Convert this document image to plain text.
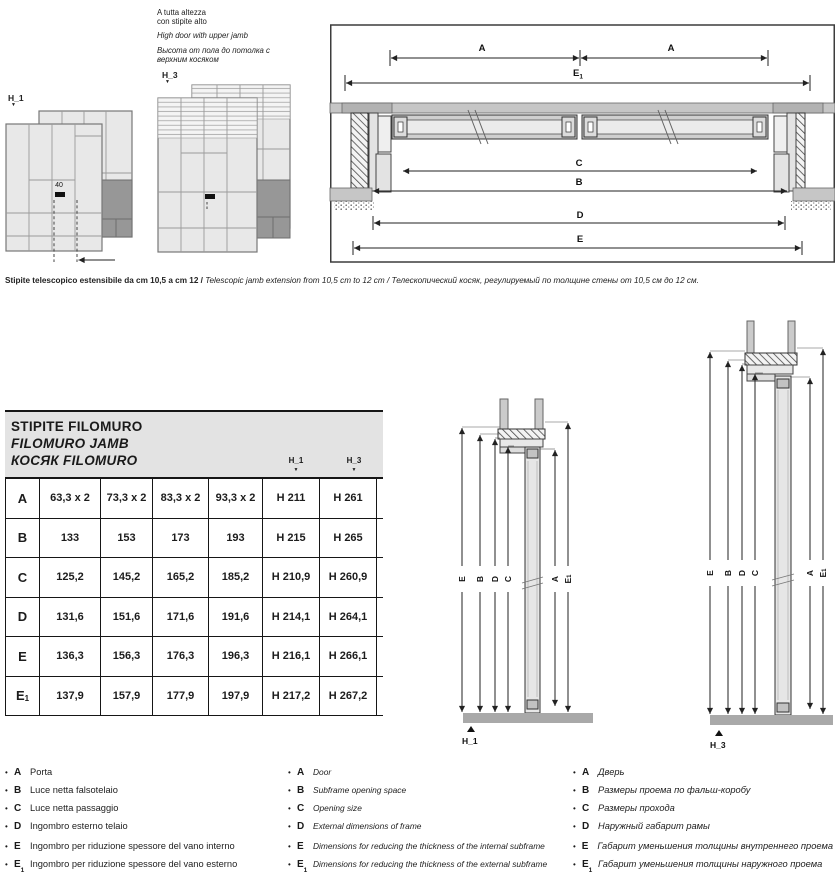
A tutta altezza
con stipite alto
High door with upper jamb
Высота от пола до потолка с
верхним косяком
H_1
▼
H_3
▼
40
A	A
$E_1$
C
B
D
E
Stipite telescopico estensibile da cm 10,5 a cm 12 / Telescopic jamb extension from 10,5 cm to 12 cm / Телескопический косяк, регулируемый по толщине стены от 10,5 см до 12 см.
STIPITE FILOMURO
FILOMURO JAMB
КОСЯК FILOMURO	H_1
▼
H_3
▼
A	63,3 x 2	73,3 x 2	83,3 x 2	93,3 x 2	H 211	H 261
B	133	153	173	193	H 215	H 265
C	125,2	145,2	165,2	185,2	H 210,9	H 260,9
D	131,6	151,6	171,6	191,6	H 214,1	H 264,1
E	136,3	156,3	176,3	196,3	H 216,1	H 266,1
E 1	137,9	157,9	177,9	197,9	H 217,2	H 267,2
E B D C	A $E_1$
H_1
E B D C	A $E_1$
H_3
• A Porta
• B Luce netta falsotelaio
• C Luce netta passaggio
• D Ingombro esterno telaio
• E	Ingombro per riduzione spessore del vano interno
• $E_1$
Ingombro per riduzione spessore del vano esterno
• A	Door
• B	Subframe opening space
• C	Opening size
• D	External dimensions of frame
• E	Dimensions for reducing the thickness of the internal subframe
• $E_1$
Dimensions for reducing the thickness of the external subframe
• A Дверь
• B Размеры проема по фальш-коробу
• C Размеры прохода
• D Наружный габарит рамы
• E Габарит уменьшения толщины внутреннего проема
• $E_1$
Габарит уменьшения толщины наружного проема
